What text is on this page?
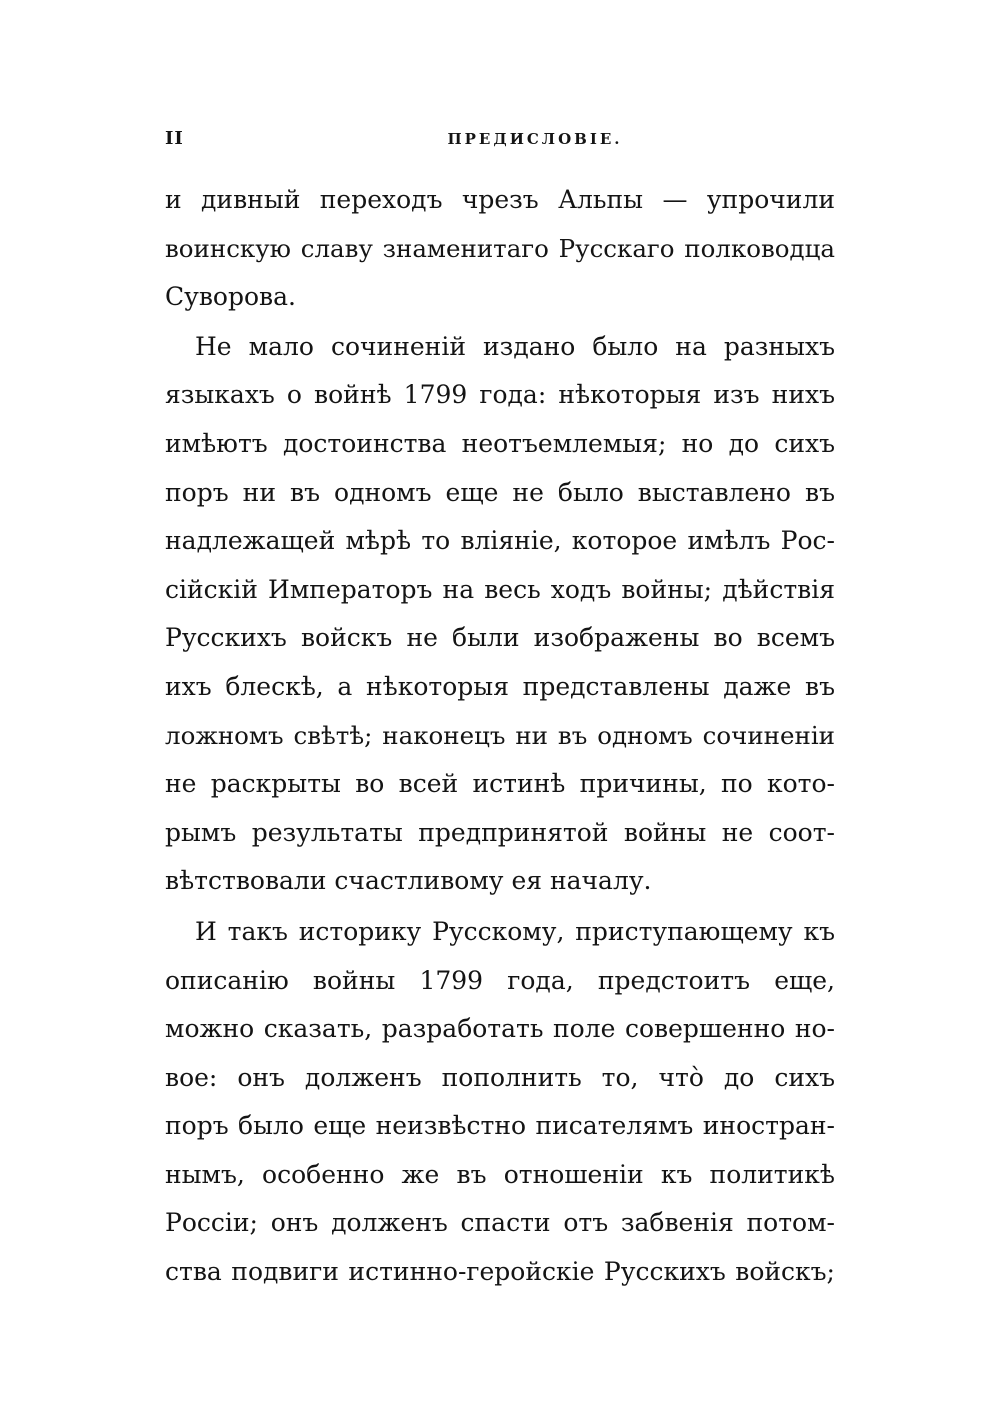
II	ПРЕДИСЛОВІЕ.
и дивный переходъ чрезъ Альпы — упрочили
воинскую славу знаменитаго Русскаго полководца
Суворова.
Не мало сочиненій издано было на разныхъ
языкахъ о войнѣ 1799 года: нѣкоторыя изъ нихъ
имѣютъ достоинства неотъемлемыя; но до сихъ
поръ ни въ одномъ еще не было выставлено въ
надлежащей мѣрѣ то вліяніе, которое имѣлъ Рос-
сійскій Императоръ на весь ходъ войны; дѣйствія
Русскихъ войскъ не были изображены во всемъ
ихъ блескѣ, а нѣкоторыя представлены даже въ
ложномъ свѣтѣ; наконецъ ни въ одномъ сочиненіи
не раскрыты во всей истинѣ причины, по кото-
рымъ результаты предпринятой войны не соот-
вѣтствовали счастливому ея началу.
И такъ историку Русскому, приступающему къ
описанію войны 1799 года, предстоитъ еще,
можно сказать, разработать поле совершенно но-
вое: онъ долженъ пополнить то, чтò до сихъ
поръ было еще неизвѣстно писателямъ иностран-
нымъ, особенно же въ отношеніи къ политикѣ
Россіи; онъ долженъ спасти отъ забвенія потом-
ства подвиги истинно-геройскіе Русскихъ войскъ;
